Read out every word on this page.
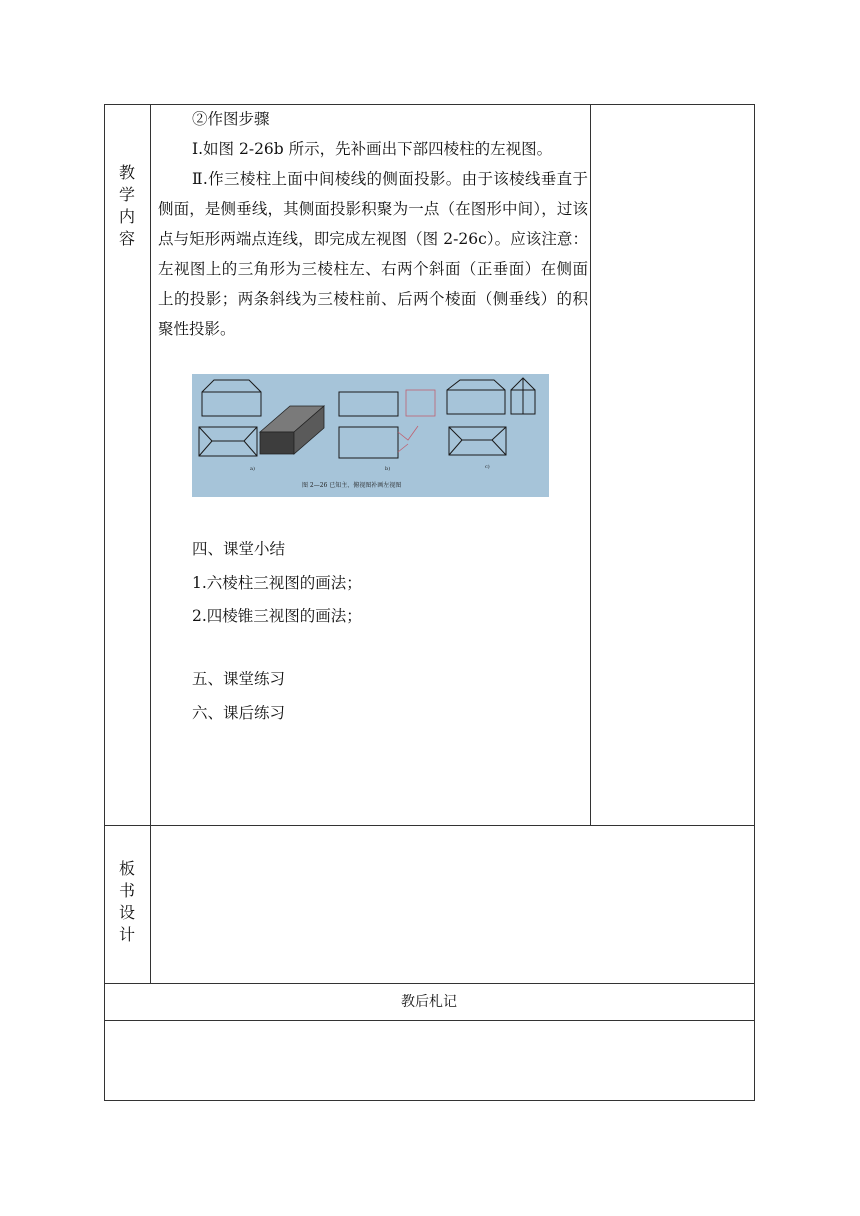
教
学
内
容

②作图步骤

Ⅰ.如图 2-26b 所示，先补画出下部四棱柱的左视图。

Ⅱ.作三棱柱上面中间棱线的侧面投影。由于该棱线垂直于侧面，是侧垂线，其侧面投影积聚为一点（在图形中间），过该点与矩形两端点连线，即完成左视图（图 2-26c）。应该注意：左视图上的三角形为三棱柱左、右两个斜面（正垂面）在侧面上的投影；两条斜线为三棱柱前、后两个棱面（侧垂线）的积聚性投影。

a)	b)	c)
图 2—26 已知主、俯视图补画左视图
四、课堂小结
1.六棱柱三视图的画法；
2.四棱锥三视图的画法；
五、课堂练习
六、课后练习
板
书
设
计
教后札记
